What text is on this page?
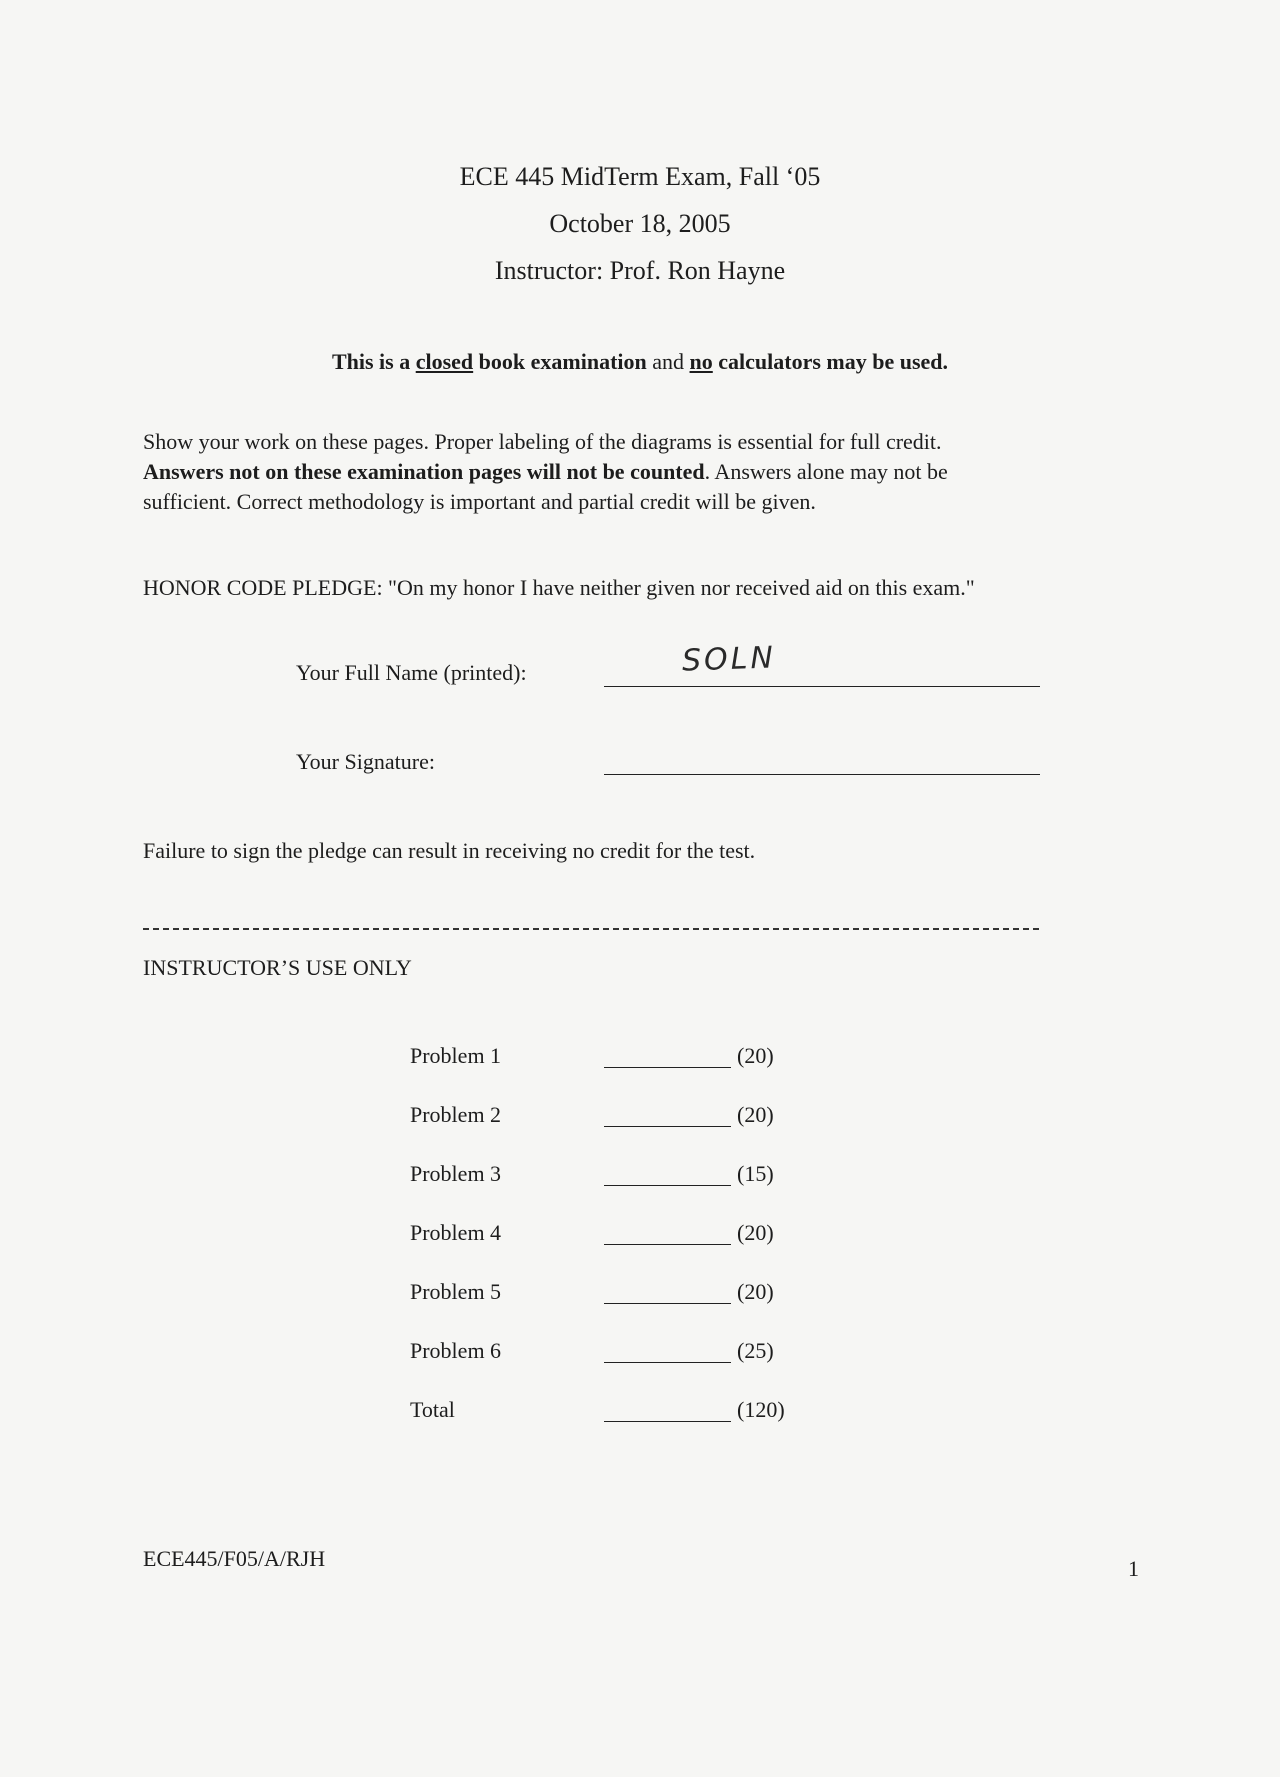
ECE 445 MidTerm Exam, Fall ‘05
October 18, 2005
Instructor: Prof. Ron Hayne
This is a closed book examination and no calculators may be used.
Show your work on these pages. Proper labeling of the diagrams is essential for full credit.
Answers not on these examination pages will not be counted. Answers alone may not be
sufficient. Correct methodology is important and partial credit will be given.
HONOR CODE PLEDGE: "On my honor I have neither given nor received aid on this exam."
Your Full Name (printed):	SOLN
Your Signature:
Failure to sign the pledge can result in receiving no credit for the test.
INSTRUCTOR’S USE ONLY
Problem 1	(20)
Problem 2	(20)
Problem 3	(15)
Problem 4	(20)
Problem 5	(20)
Problem 6	(25)
Total	(120)
ECE445/F05/A/RJH	1
